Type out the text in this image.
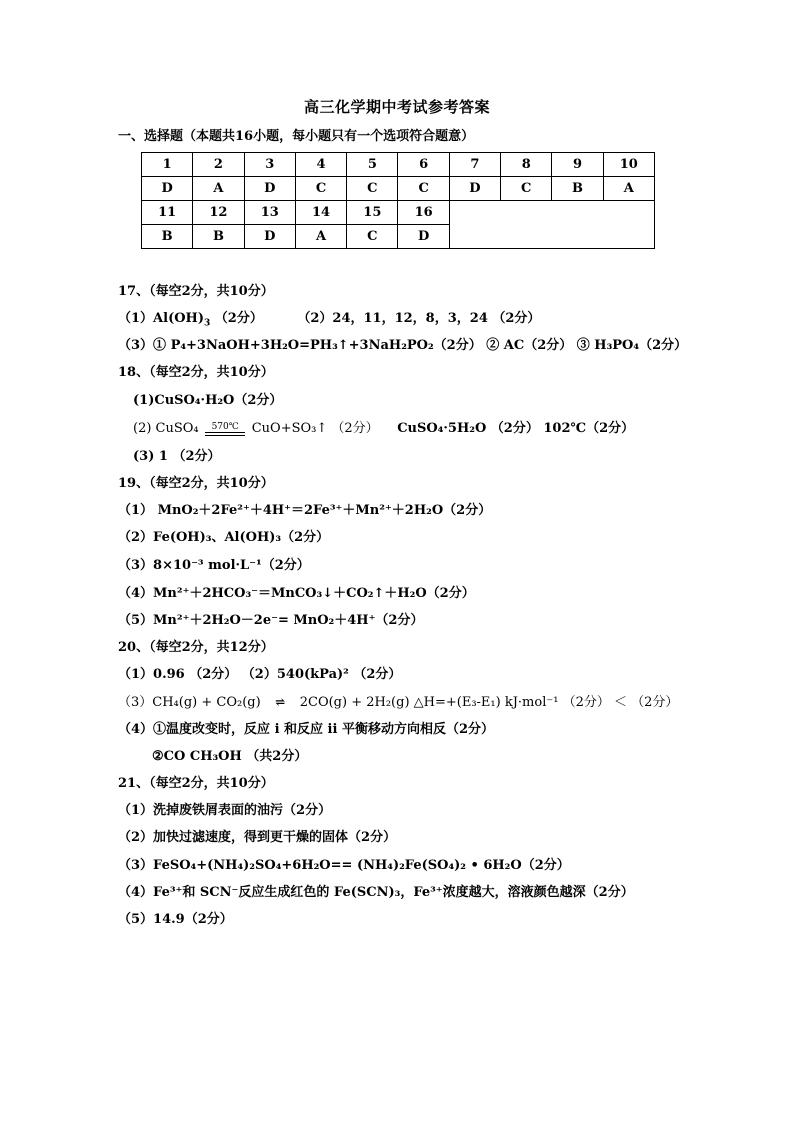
高三化学期中考试参考答案
一、选择题（本题共16小题，每小题只有一个选项符合题意）
1	2	3	4	5	6	7	8	9	10
D	A	D	C	C	C	D	C	B	A
11	12	13	14	15	16				
B	B	D	A	C	D				
17、（每空2分，共10分）
$(1)Al(OH)_3$ （2分）	（2）24，11，12，8，3，24 （2分）
（3）① P₄+3NaOH+3H₂O=PH₃↑+3NaH₂PO₂（2分） ② AC（2分） ③ H₃PO₄（2分）
18、（每空2分，共10分）
(1)CuSO₄·H₂O（2分）
(2) CuSO₄ 570℃ CuO+SO₃↑ （2分） CuSO₄·5H₂O （2分） 102℃（2分）
(3) 1 （2分）
19、（每空2分，共10分）
（1） MnO₂＋2Fe²⁺＋4H⁺＝2Fe³⁺＋Mn²⁺＋2H₂O（2分）
（2）Fe(OH)₃、Al(OH)₃（2分）
（3）8×10⁻³ mol·L⁻¹（2分）
（4）Mn²⁺＋2HCO₃⁻＝MnCO₃↓＋CO₂↑＋H₂O（2分）
（5）Mn²⁺＋2H₂O－2e⁻= MnO₂＋4H⁺（2分）
20、（每空2分，共12分）
（1）0.96 （2分） （2）540(kPa)² （2分）
（3）CH₄(g) + CO₂(g) ⇌ 2CO(g) + 2H₂(g) △H=+(E₃-E₁) kJ·mol⁻¹ （2分） ＜ （2分）
（4）①温度改变时，反应 i 和反应 ii 平衡移动方向相反（2分）
②CO CH₃OH （共2分）
21、（每空2分，共10分）
（1）洗掉废铁屑表面的油污（2分）
（2）加快过滤速度，得到更干燥的固体（2分）
（3）FeSO₄+(NH₄)₂SO₄+6H₂O== (NH₄)₂Fe(SO₄)₂ • 6H₂O（2分）
（4）Fe³⁺和 SCN⁻反应生成红色的 Fe(SCN)₃，Fe³⁺浓度越大，溶液颜色越深（2分）
（5）14.9（2分）
